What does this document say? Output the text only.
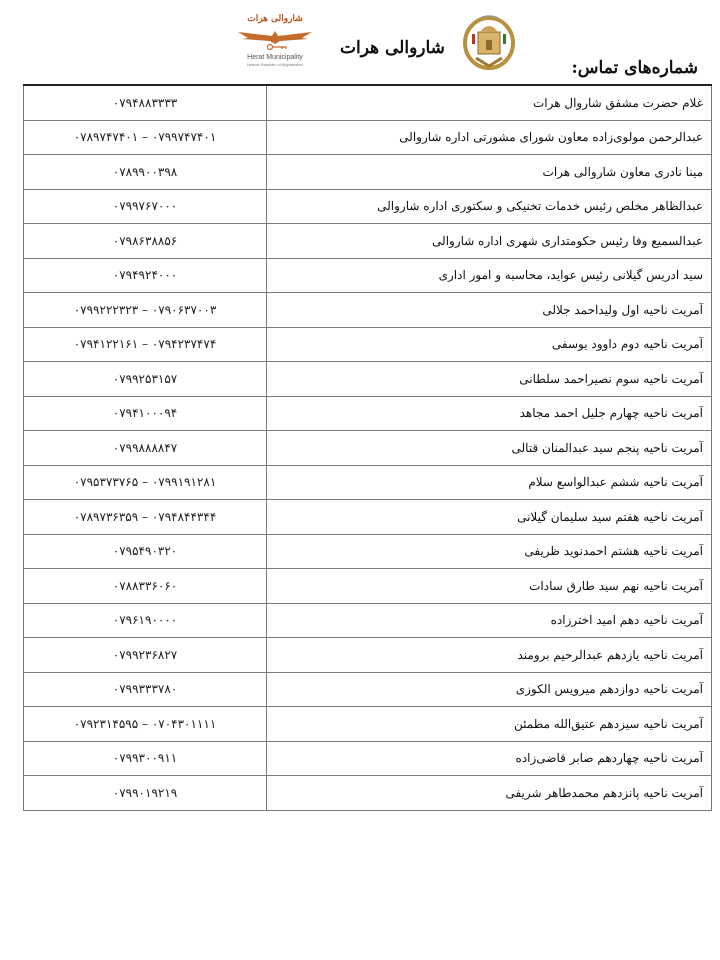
شاروالی هرات
Herat Municipality
Islamic Republic of Afghanistan
شاروالی هرات
شماره‌های تماس:
۰۷۹۴۸۸۳۳۳۳	غلام حضرت مشفق شاروال هرات
۰۷۹۹۷۴۷۴۰۱ – ۰۷۸۹۷۴۷۴۰۱	عبدالرحمن مولوی‌زاده معاون شورای مشورتی اداره شاروالی
۰۷۸۹۹۰۰۳۹۸	مینا نادری معاون شاروالی هرات
۰۷۹۹۷۶۷۰۰۰	عبدالظاهر مخلص رئیس خدمات تخنیکی و سکتوری اداره شاروالی
۰۷۹۸۶۳۸۸۵۶	عبدالسمیع وفا رئیس حکومتداری شهری اداره شاروالی
۰۷۹۴۹۲۴۰۰۰	سید ادریس گیلانی رئیس عواید، محاسبه و امور اداری
۰۷۹۰۶۳۷۰۰۳ – ۰۷۹۹۲۲۲۳۲۳	آمریت ناحیه اول ولیداحمد جلالی
۰۷۹۴۲۳۷۴۷۴ – ۰۷۹۴۱۲۲۱۶۱	آمریت ناحیه دوم داوود یوسفی
۰۷۹۹۲۵۳۱۵۷	آمریت ناحیه سوم نصیراحمد سلطانی
۰۷۹۴۱۰۰۰۹۴	آمریت ناحیه چهارم جلیل احمد مجاهد
۰۷۹۹۸۸۸۸۴۷	آمریت ناحیه پنجم سید عبدالمنان قتالی
۰۷۹۹۱۹۱۲۸۱ – ۰۷۹۵۳۷۳۷۶۵	آمریت ناحیه ششم عبدالواسع سلام
۰۷۹۴۸۴۴۳۴۴ – ۰۷۸۹۷۳۶۳۵۹	آمریت ناحیه هفتم سید سلیمان گیلانی
۰۷۹۵۴۹۰۳۲۰	آمریت ناحیه هشتم احمدنوید ظریفی
۰۷۸۸۳۳۶۰۶۰	آمریت ناحیه نهم سید طارق سادات
۰۷۹۶۱۹۰۰۰۰	آمریت ناحیه دهم امید اخترزاده
۰۷۹۹۲۳۶۸۲۷	آمریت ناحیه یازدهم عبدالرحیم برومند
۰۷۹۹۳۳۳۷۸۰	آمریت ناحیه دوازدهم میرویس الکوزی
۰۷۰۴۳۰۱۱۱۱ – ۰۷۹۲۳۱۴۵۹۵	آمریت ناحیه سیزدهم عتیق‌الله مطمئن
۰۷۹۹۳۰۰۹۱۱	آمریت ناحیه چهاردهم صابر قاضی‌زاده
۰۷۹۹۰۱۹۲۱۹	آمریت ناحیه پانزدهم محمدطاهر شریفی
